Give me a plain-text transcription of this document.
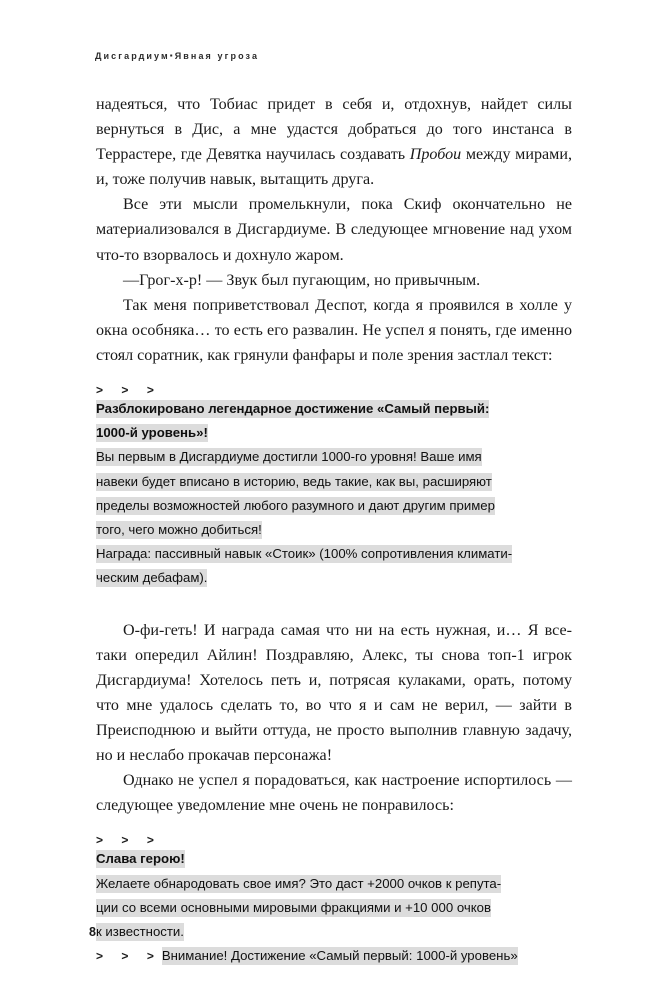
Дисгардиум▪Явная угроза

надеяться, что Тобиас придет в себя и, отдохнув, найдет силы вернуться в Дис, а мне удастся добраться до того инстанса в Террастере, где Девятка научилась создавать Пробои между мирами, и, тоже получив навык, вытащить друга.

Все эти мысли промелькнули, пока Скиф окончательно не материализовался в Дисгардиуме. В следующее мгновение над ухом что-то взорвалось и дохнуло жаром.

—Грог-х-р! — Звук был пугающим, но привычным.

Так меня поприветствовал Деспот, когда я проявился в холле у окна особняка… то есть его развалин. Не успел я понять, где именно стоял соратник, как грянули фанфары и поле зрения застлал текст:

> > >
Разблокировано легендарное достижение «Самый первый:
1000-й уровень»!
Вы первым в Дисгардиуме достигли 1000-го уровня! Ваше имя
навеки будет вписано в историю, ведь такие, как вы, расширяют
пределы возможностей любого разумного и дают другим пример
того, чего можно добиться!
Награда: пассивный навык «Стоик» (100% сопротивления климати-
ческим дебафам).

О-фи-геть! И награда самая что ни на есть нужная, и… Я все-таки опередил Айлин! Поздравляю, Алекс, ты снова топ-1 игрок Дисгардиума! Хотелось петь и, потрясая кулаками, орать, потому что мне удалось сделать то, во что я и сам не верил, — зайти в Преисподнюю и выйти оттуда, не просто выполнив главную задачу, но и неслабо прокачав персонажа!

Однако не успел я порадоваться, как настроение испортилось — следующее уведомление мне очень не понравилось:

> > >
Слава герою!
Желаете обнародовать свое имя? Это даст +2000 очков к репута-
ции со всеми основными мировыми фракциями и +10 000 очков
к известности.
> > >Внимание! Достижение «Самый первый: 1000-й уровень»
8
